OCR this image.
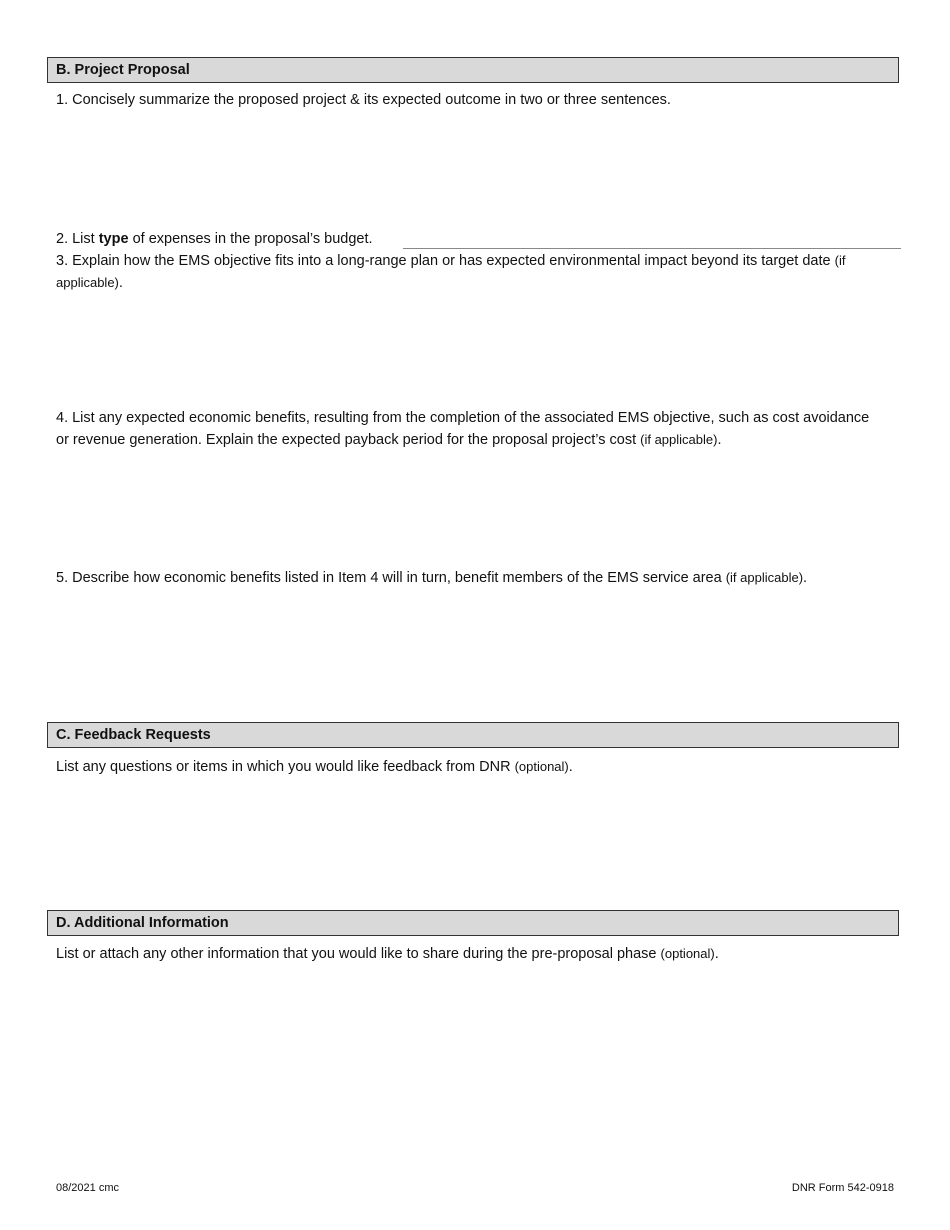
B. Project Proposal
1. Concisely summarize the proposed project & its expected outcome in two or three sentences.
2. List type of expenses in the proposal’s budget.
3. Explain how the EMS objective fits into a long-range plan or has expected environmental impact beyond its target date (if applicable).
4. List any expected economic benefits, resulting from the completion of the associated EMS objective, such as cost avoidance or revenue generation. Explain the expected payback period for the proposal project’s cost (if applicable).
5. Describe how economic benefits listed in Item 4 will in turn, benefit members of the EMS service area (if applicable).
C. Feedback Requests
List any questions or items in which you would like feedback from DNR (optional).
D. Additional Information
List or attach any other information that you would like to share during the pre-proposal phase (optional).
08/2021 cmc	DNR Form 542-0918
